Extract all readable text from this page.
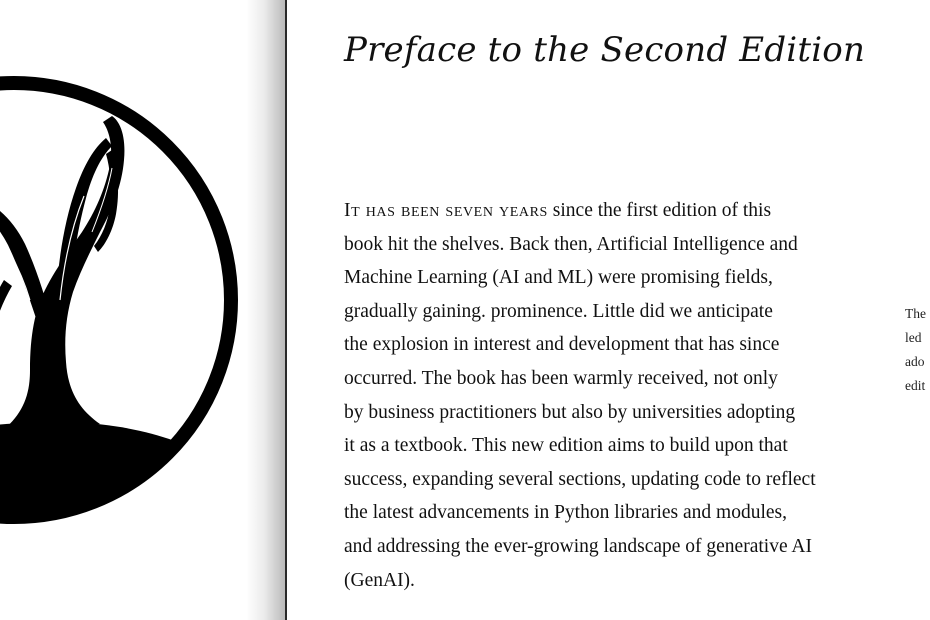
Preface to the Second Edition

It has been seven years since the first edition of this
book hit the shelves. Back then, Artificial Intelligence and
Machine Learning (AI and ML) were promising fields,
gradually gaining. prominence. Little did we anticipate
the explosion in interest and development that has since
occurred. The book has been warmly received, not only
by business practitioners but also by universities adopting
it as a textbook. This new edition aims to build upon that
success, expanding several sections, updating code to reflect
the latest advancements in Python libraries and modules,
and addressing the ever-growing landscape of generative AI
(GenAI).

The
led
ado
edit
